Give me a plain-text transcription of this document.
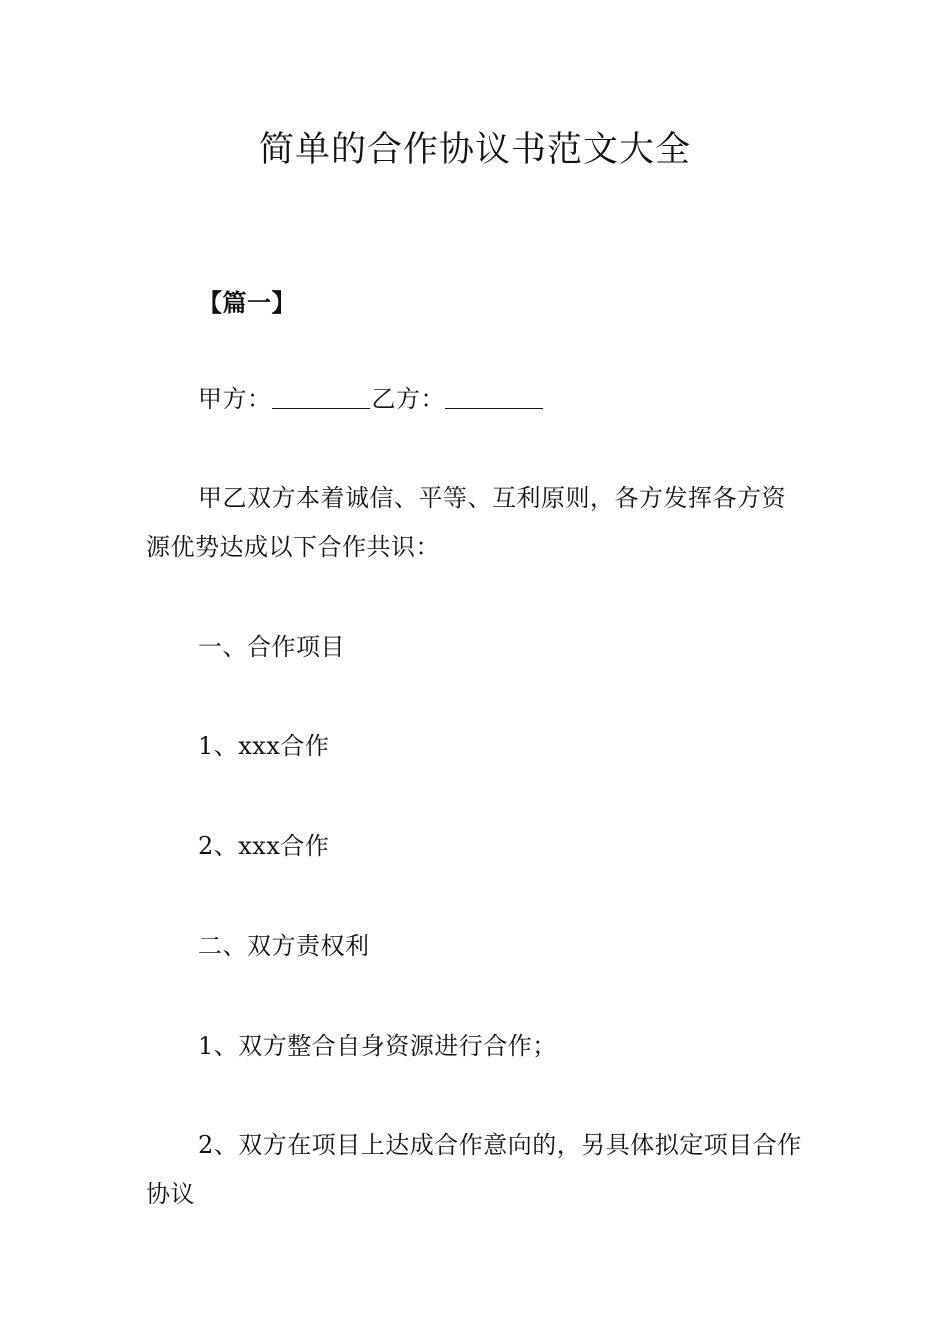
简单的合作协议书范文大全
【篇一】
甲方：	乙方：
甲乙双方本着诚信、平等、互利原则，各方发挥各方资源优势达成以下合作共识：
一、合作项目
1、xxx合作
2、xxx合作
二、双方责权利
1、双方整合自身资源进行合作；
2、双方在项目上达成合作意向的，另具体拟定项目合作协议
